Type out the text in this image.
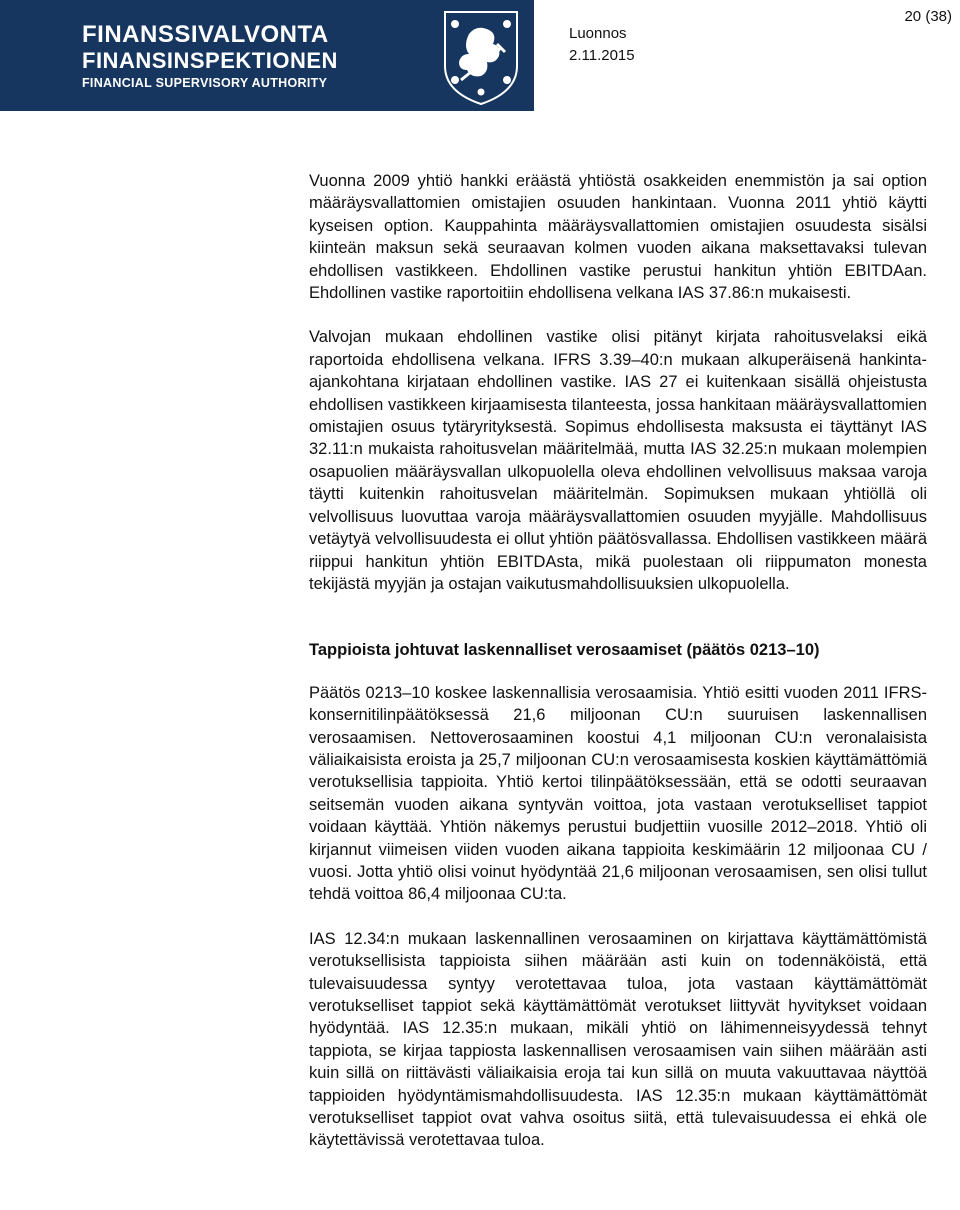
FINANSSIVALVONTA
FINANSINSPEKTIONEN
FINANCIAL SUPERVISORY AUTHORITY
Luonnos
2.11.2015
20 (38)

Vuonna 2009 yhtiö hankki eräästä yhtiöstä osakkeiden enemmistön ja sai option määräysvallattomien omistajien osuuden hankintaan. Vuonna 2011 yhtiö käytti kyseisen option. Kauppahinta määräysvallattomien omistajien osuudesta sisälsi kiinteän maksun sekä seuraavan kolmen vuoden aikana maksettavaksi tulevan ehdollisen vastikkeen. Ehdollinen vastike perustui hankitun yhtiön EBITDAan. Ehdollinen vastike raportoitiin ehdollisena velkana IAS 37.86:n mukaisesti.

Valvojan mukaan ehdollinen vastike olisi pitänyt kirjata rahoitusvelaksi eikä raportoida ehdollisena velkana. IFRS 3.39–40:n mukaan alkuperäisenä hankinta-ajankohtana kirjataan ehdollinen vastike. IAS 27 ei kuitenkaan sisällä ohjeistusta ehdollisen vastikkeen kirjaamisesta tilanteesta, jossa hankitaan määräysvallattomien omistajien osuus tytäryrityksestä. Sopimus ehdollisesta maksusta ei täyttänyt IAS 32.11:n mukaista rahoitusvelan määritelmää, mutta IAS 32.25:n mukaan molempien osapuolien määräysvallan ulkopuolella oleva ehdollinen velvollisuus maksaa varoja täytti kuitenkin rahoitusvelan määritelmän. Sopimuksen mukaan yhtiöllä oli velvollisuus luovuttaa varoja määräysvallattomien osuuden myyjälle. Mahdollisuus vetäytyä velvollisuudesta ei ollut yhtiön päätösvallassa. Ehdollisen vastikkeen määrä riippui hankitun yhtiön EBITDAsta, mikä puolestaan oli riippumaton monesta tekijästä myyjän ja ostajan vaikutusmahdollisuuksien ulkopuolella.

Tappioista johtuvat laskennalliset verosaamiset (päätös 0213–10)

Päätös 0213–10 koskee laskennallisia verosaamisia. Yhtiö esitti vuoden 2011 IFRS-konsernitilinpäätöksessä 21,6 miljoonan CU:n suuruisen laskennallisen verosaamisen. Nettoverosaaminen koostui 4,1 miljoonan CU:n veronalaisista väliaikaisista eroista ja 25,7 miljoonan CU:n verosaamisesta koskien käyttämättömiä verotuksellisia tappioita. Yhtiö kertoi tilinpäätöksessään, että se odotti seuraavan seitsemän vuoden aikana syntyvän voittoa, jota vastaan verotukselliset tappiot voidaan käyttää. Yhtiön näkemys perustui budjettiin vuosille 2012–2018. Yhtiö oli kirjannut viimeisen viiden vuoden aikana tappioita keskimäärin 12 miljoonaa CU / vuosi. Jotta yhtiö olisi voinut hyödyntää 21,6 miljoonan verosaamisen, sen olisi tullut tehdä voittoa 86,4 miljoonaa CU:ta.

IAS 12.34:n mukaan laskennallinen verosaaminen on kirjattava käyttämättömistä verotuksellisista tappioista siihen määrään asti kuin on todennäköistä, että tulevaisuudessa syntyy verotettavaa tuloa, jota vastaan käyttämättömät verotukselliset tappiot sekä käyttämättömät verotukset liittyvät hyvitykset voidaan hyödyntää. IAS 12.35:n mukaan, mikäli yhtiö on lähimenneisyydessä tehnyt tappiota, se kirjaa tappiosta laskennallisen verosaamisen vain siihen määrään asti kuin sillä on riittävästi väliaikaisia eroja tai kun sillä on muuta vakuuttavaa näyttöä tappioiden hyödyntämismahdollisuudesta. IAS 12.35:n mukaan käyttämättömät verotukselliset tappiot ovat vahva osoitus siitä, että tulevaisuudessa ei ehkä ole käytettävissä verotettavaa tuloa.
